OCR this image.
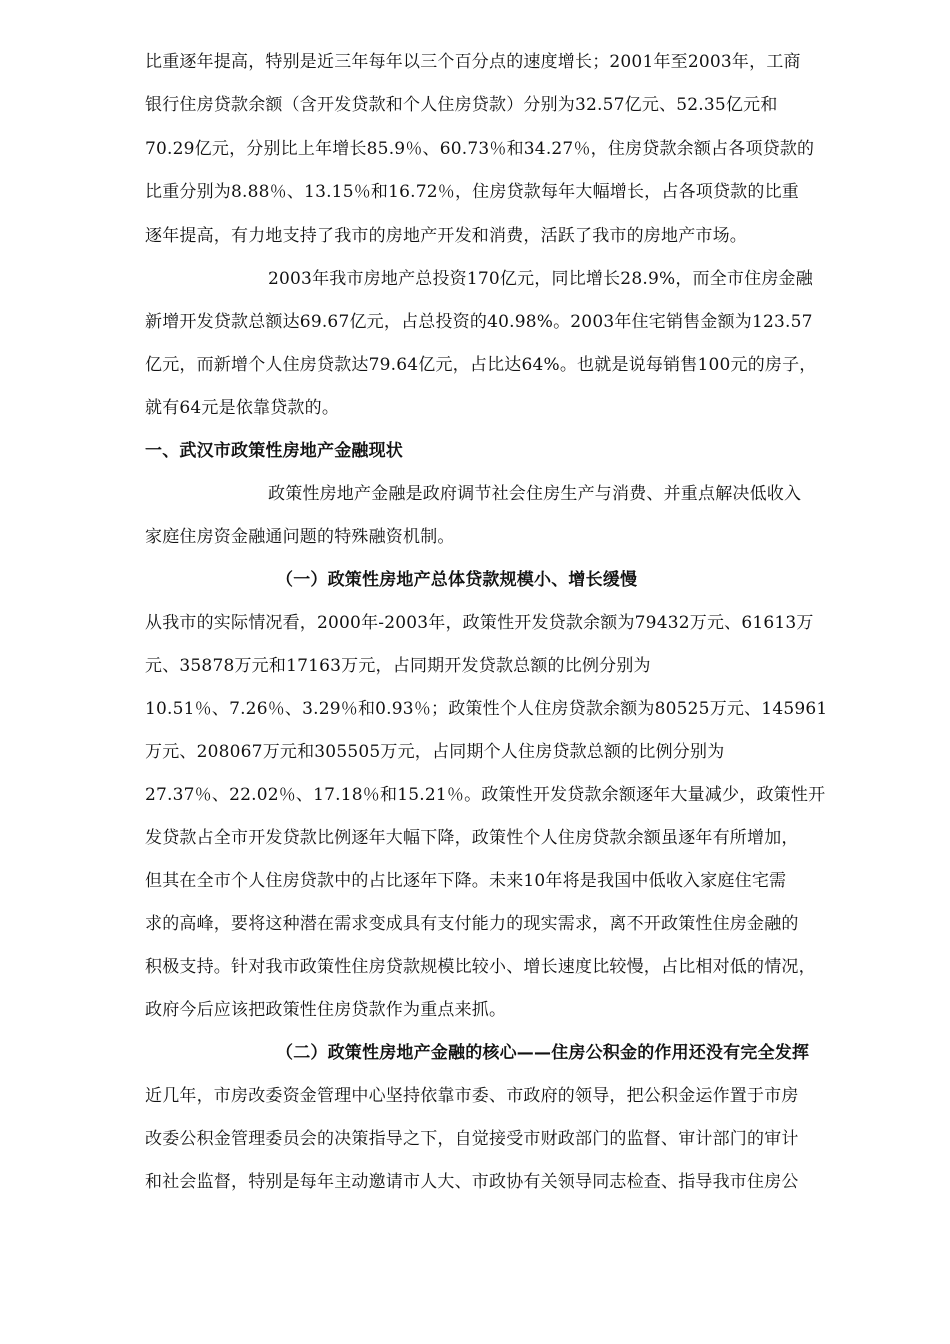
比重逐年提高，特别是近三年每年以三个百分点的速度增长；2001年至2003年，工商
银行住房贷款余额（含开发贷款和个人住房贷款）分别为32.57亿元、52.35亿元和
70.29亿元，分别比上年增长85.9％、60.73％和34.27％，住房贷款余额占各项贷款的
比重分别为8.88％、13.15％和16.72％，住房贷款每年大幅增长，占各项贷款的比重
逐年提高，有力地支持了我市的房地产开发和消费，活跃了我市的房地产市场。
2003年我市房地产总投资170亿元，同比增长28.9%，而全市住房金融
新增开发贷款总额达69.67亿元，占总投资的40.98%。2003年住宅销售金额为123.57
亿元，而新增个人住房贷款达79.64亿元，占比达64%。也就是说每销售100元的房子，
就有64元是依靠贷款的。
一、武汉市政策性房地产金融现状
政策性房地产金融是政府调节社会住房生产与消费、并重点解决低收入
家庭住房资金融通问题的特殊融资机制。
（一）政策性房地产总体贷款规模小、增长缓慢
从我市的实际情况看，2000年-2003年，政策性开发贷款余额为79432万元、61613万
元、35878万元和17163万元，占同期开发贷款总额的比例分别为
10.51％、7.26％、3.29％和0.93％；政策性个人住房贷款余额为80525万元、145961
万元、208067万元和305505万元，占同期个人住房贷款总额的比例分别为
27.37％、22.02％、17.18％和15.21％。政策性开发贷款余额逐年大量减少，政策性开
发贷款占全市开发贷款比例逐年大幅下降，政策性个人住房贷款余额虽逐年有所增加，
但其在全市个人住房贷款中的占比逐年下降。未来10年将是我国中低收入家庭住宅需
求的高峰，要将这种潜在需求变成具有支付能力的现实需求，离不开政策性住房金融的
积极支持。针对我市政策性住房贷款规模比较小、增长速度比较慢，占比相对低的情况，
政府今后应该把政策性住房贷款作为重点来抓。
（二）政策性房地产金融的核心——住房公积金的作用还没有完全发挥
近几年，市房改委资金管理中心坚持依靠市委、市政府的领导，把公积金运作置于市房
改委公积金管理委员会的决策指导之下，自觉接受市财政部门的监督、审计部门的审计
和社会监督，特别是每年主动邀请市人大、市政协有关领导同志检查、指导我市住房公
